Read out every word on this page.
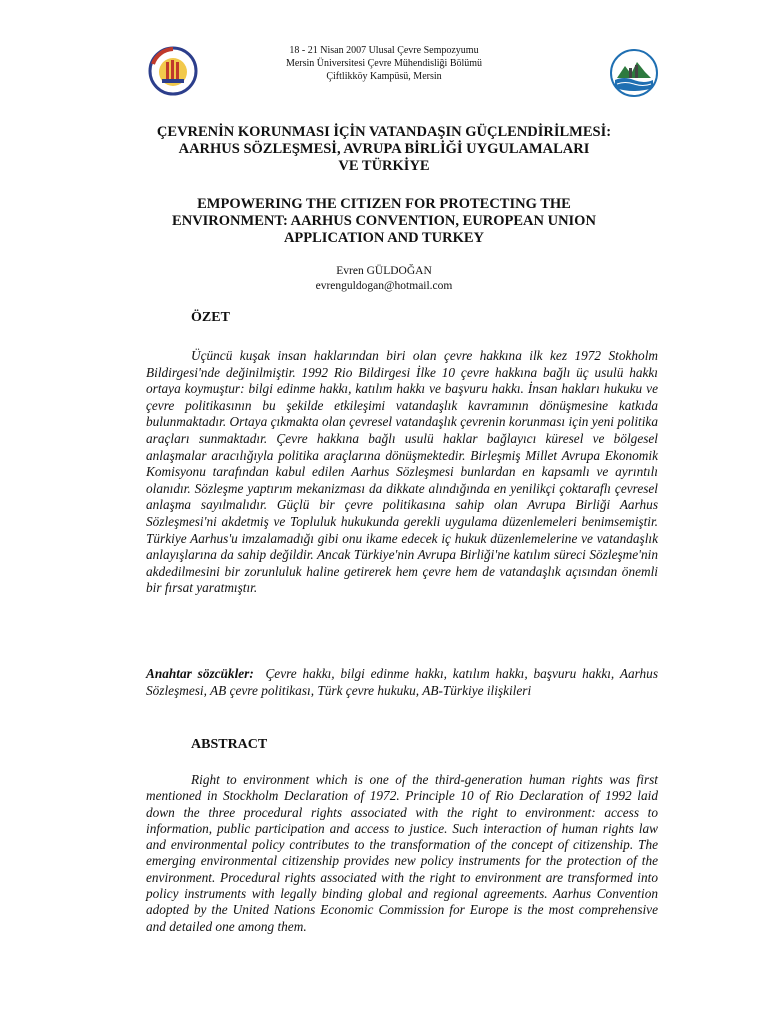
18 - 21 Nisan 2007 Ulusal Çevre Sempozyumu
Mersin Üniversitesi Çevre Mühendisliği Bölümü
Çiftlikköy Kampüsü, Mersin
ÇEVRENİN KORUNMASI İÇİN VATANDAŞIN GÜÇLENDİRİLMESİ:
AARHUS SÖZLEŞMESİ, AVRUPA BİRLİĞİ UYGULAMALARI
VE TÜRKİYE
EMPOWERING THE CITIZEN FOR PROTECTING THE
ENVIRONMENT: AARHUS CONVENTION, EUROPEAN UNION
APPLICATION AND TURKEY
Evren GÜLDOĞAN
evrenguldogan@hotmail.com
ÖZET

Üçüncü kuşak insan haklarından biri olan çevre hakkına ilk kez 1972 Stokholm Bildirgesi'nde değinilmiştir. 1992 Rio Bildirgesi İlke 10 çevre hakkına bağlı üç usulü hakkı ortaya koymuştur: bilgi edinme hakkı, katılım hakkı ve başvuru hakkı. İnsan hakları hukuku ve çevre politikasının bu şekilde etkileşimi vatandaşlık kavramının dönüşmesine katkıda bulunmaktadır. Ortaya çıkmakta olan çevresel vatandaşlık çevrenin korunması için yeni politika araçları sunmaktadır. Çevre hakkına bağlı usulü haklar bağlayıcı küresel ve bölgesel anlaşmalar aracılığıyla politika araçlarına dönüşmektedir. Birleşmiş Millet Avrupa Ekonomik Komisyonu tarafından kabul edilen Aarhus Sözleşmesi bunlardan en kapsamlı ve ayrıntılı olanıdır. Sözleşme yaptırım mekanizması da dikkate alındığında en yenilikçi çoktaraflı çevresel anlaşma sayılmalıdır. Güçlü bir çevre politikasına sahip olan Avrupa Birliği Aarhus Sözleşmesi'ni akdetmiş ve Topluluk hukukunda gerekli uygulama düzenlemeleri benimsemiştir. Türkiye Aarhus'u imzalamadığı gibi onu ikame edecek iç hukuk düzenlemelerine ve vatandaşlık anlayışlarına da sahip değildir. Ancak Türkiye'nin Avrupa Birliği'ne katılım süreci Sözleşme'nin akdedilmesini bir zorunluluk haline getirerek hem çevre hem de vatandaşlık açısından önemli bir fırsat yaratmıştır.

Anahtar sözcükler: Çevre hakkı, bilgi edinme hakkı, katılım hakkı, başvuru hakkı, Aarhus Sözleşmesi, AB çevre politikası, Türk çevre hukuku, AB-Türkiye ilişkileri

ABSTRACT

Right to environment which is one of the third-generation human rights was first mentioned in Stockholm Declaration of 1972. Principle 10 of Rio Declaration of 1992 laid down the three procedural rights associated with the right to environment: access to information, public participation and access to justice. Such interaction of human rights law and environmental policy contributes to the transformation of the concept of citizenship. The emerging environmental citizenship provides new policy instruments for the protection of the environment. Procedural rights associated with the right to environment are transformed into policy instruments with legally binding global and regional agreements. Aarhus Convention adopted by the United Nations Economic Commission for Europe is the most comprehensive and detailed one among them.
